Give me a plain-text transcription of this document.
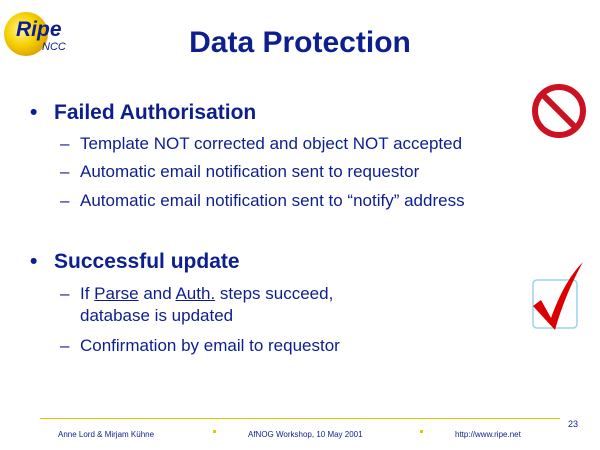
Ripe
NCC	Data Protection
• Failed Authorisation
– Template NOT corrected and object NOT accepted
– Automatic email notification sent to requestor
– Automatic email notification sent to “notify” address
• Successful update
– If Parse and Auth. steps succeed,
database is updated
– Confirmation by email to requestor
23
Anne Lord & Mirjam Kühne	AfNOG Workshop, 10 May 2001	http://www.ripe.net
